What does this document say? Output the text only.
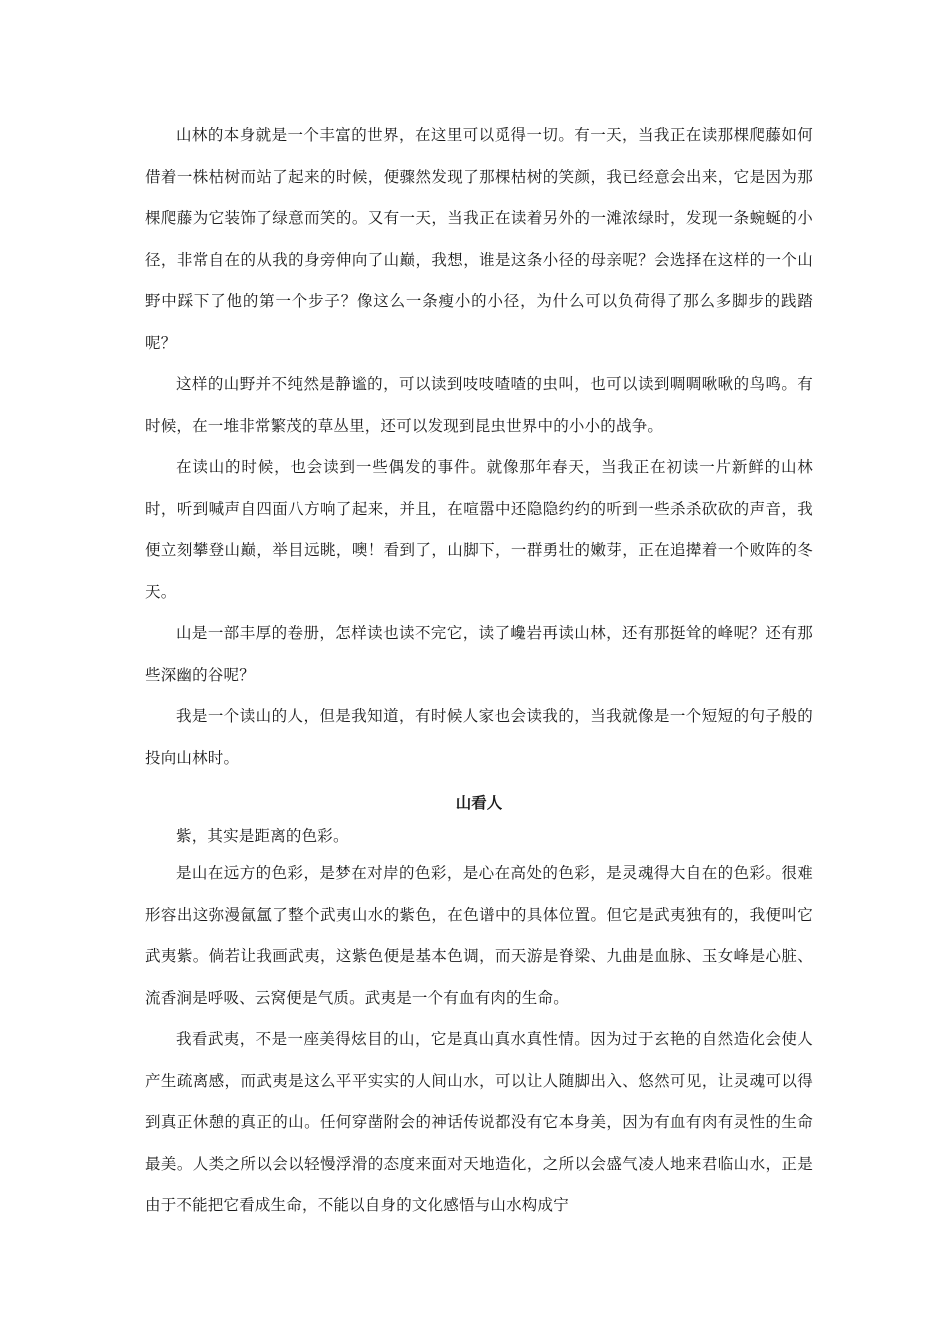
山林的本身就是一个丰富的世界，在这里可以觅得一切。有一天，当我正在读那棵爬藤如何借着一株枯树而站了起来的时候，便骤然发现了那棵枯树的笑颜，我已经意会出来，它是因为那棵爬藤为它装饰了绿意而笑的。又有一天，当我正在读着另外的一滩浓绿时，发现一条蜿蜒的小径，非常自在的从我的身旁伸向了山巅，我想，谁是这条小径的母亲呢？会选择在这样的一个山野中踩下了他的第一个步子？像这么一条瘦小的小径，为什么可以负荷得了那么多脚步的践踏呢？

这样的山野并不纯然是静谧的，可以读到吱吱喳喳的虫叫，也可以读到啁啁啾啾的鸟鸣。有时候，在一堆非常繁茂的草丛里，还可以发现到昆虫世界中的小小的战争。

在读山的时候，也会读到一些偶发的事件。就像那年春天，当我正在初读一片新鲜的山林时，听到喊声自四面八方响了起来，并且，在喧嚣中还隐隐约约的听到一些杀杀砍砍的声音，我便立刻攀登山巅，举目远眺，噢！看到了，山脚下，一群勇壮的嫩芽，正在追撵着一个败阵的冬天。

山是一部丰厚的卷册，怎样读也读不完它，读了巉岩再读山林，还有那挺耸的峰呢？还有那些深幽的谷呢？

我是一个读山的人，但是我知道，有时候人家也会读我的，当我就像是一个短短的句子般的投向山林时。

山看人

紫，其实是距离的色彩。

是山在远方的色彩，是梦在对岸的色彩，是心在高处的色彩，是灵魂得大自在的色彩。很难形容出这弥漫氤氲了整个武夷山水的紫色，在色谱中的具体位置。但它是武夷独有的，我便叫它武夷紫。倘若让我画武夷，这紫色便是基本色调，而天游是脊梁、九曲是血脉、玉女峰是心脏、流香涧是呼吸、云窝便是气质。武夷是一个有血有肉的生命。

我看武夷，不是一座美得炫目的山，它是真山真水真性情。因为过于玄艳的自然造化会使人产生疏离感，而武夷是这么平平实实的人间山水，可以让人随脚出入、悠然可见，让灵魂可以得到真正休憩的真正的山。任何穿凿附会的神话传说都没有它本身美，因为有血有肉有灵性的生命最美。人类之所以会以轻慢浮滑的态度来面对天地造化，之所以会盛气凌人地来君临山水，正是由于不能把它看成生命，不能以自身的文化感悟与山水构成宁
